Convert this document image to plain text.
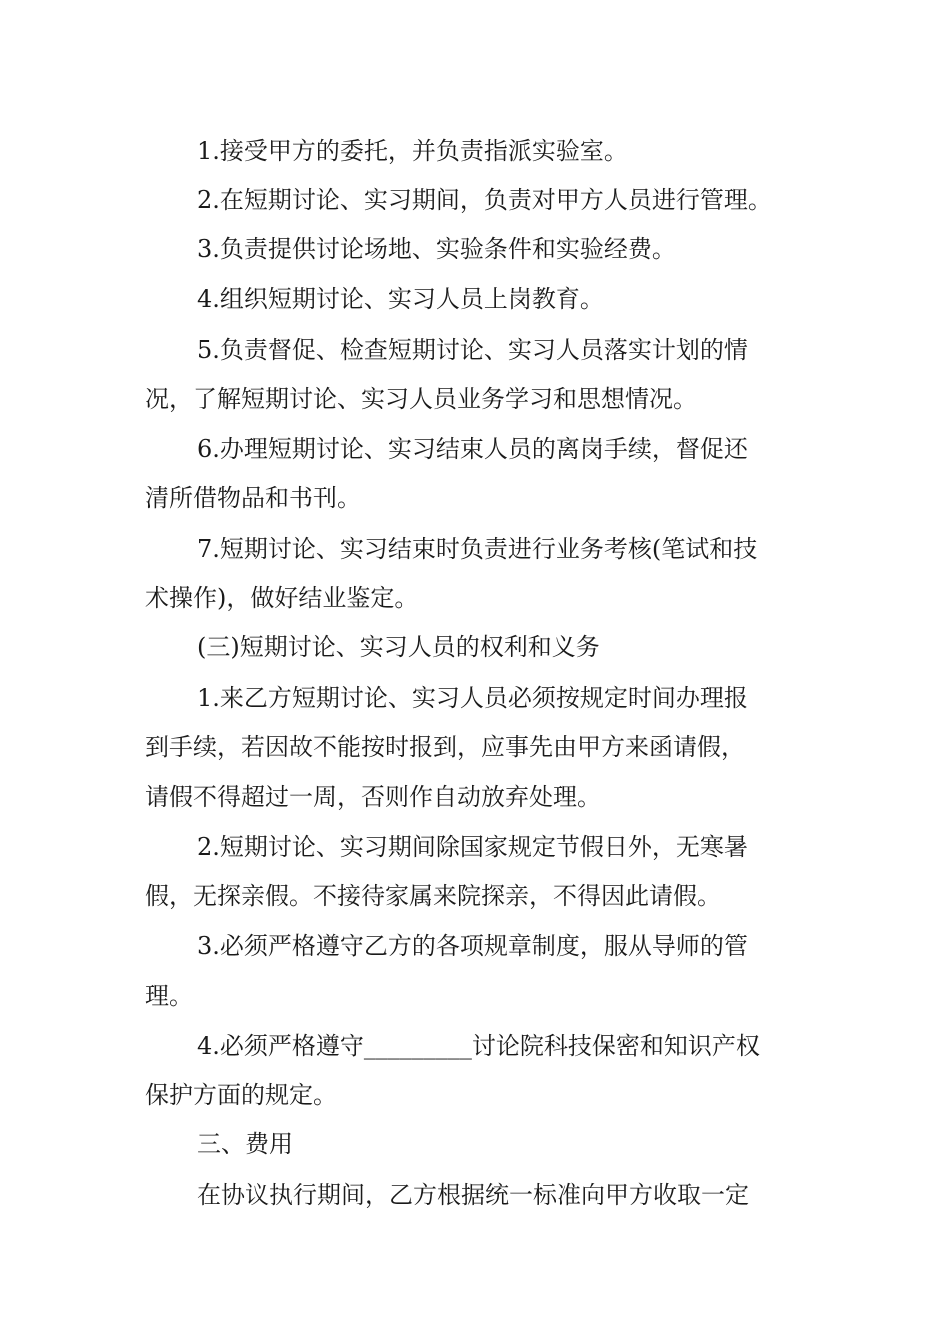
1.接受甲方的委托，并负责指派实验室。
2.在短期讨论、实习期间，负责对甲方人员进行管理。
3.负责提供讨论场地、实验条件和实验经费。
4.组织短期讨论、实习人员上岗教育。
5.负责督促、检查短期讨论、实习人员落实计划的情
况，了解短期讨论、实习人员业务学习和思想情况。
6.办理短期讨论、实习结束人员的离岗手续，督促还
清所借物品和书刊。
7.短期讨论、实习结束时负责进行业务考核(笔试和技
术操作)，做好结业鉴定。
(三)短期讨论、实习人员的权利和义务
1.来乙方短期讨论、实习人员必须按规定时间办理报
到手续，若因故不能按时报到，应事先由甲方来函请假，
请假不得超过一周，否则作自动放弃处理。
2.短期讨论、实习期间除国家规定节假日外，无寒暑
假，无探亲假。不接待家属来院探亲，不得因此请假。
3.必须严格遵守乙方的各项规章制度，服从导师的管
理。
4.必须严格遵守_________讨论院科技保密和知识产权
保护方面的规定。
三、费用
在协议执行期间，乙方根据统一标准向甲方收取一定
